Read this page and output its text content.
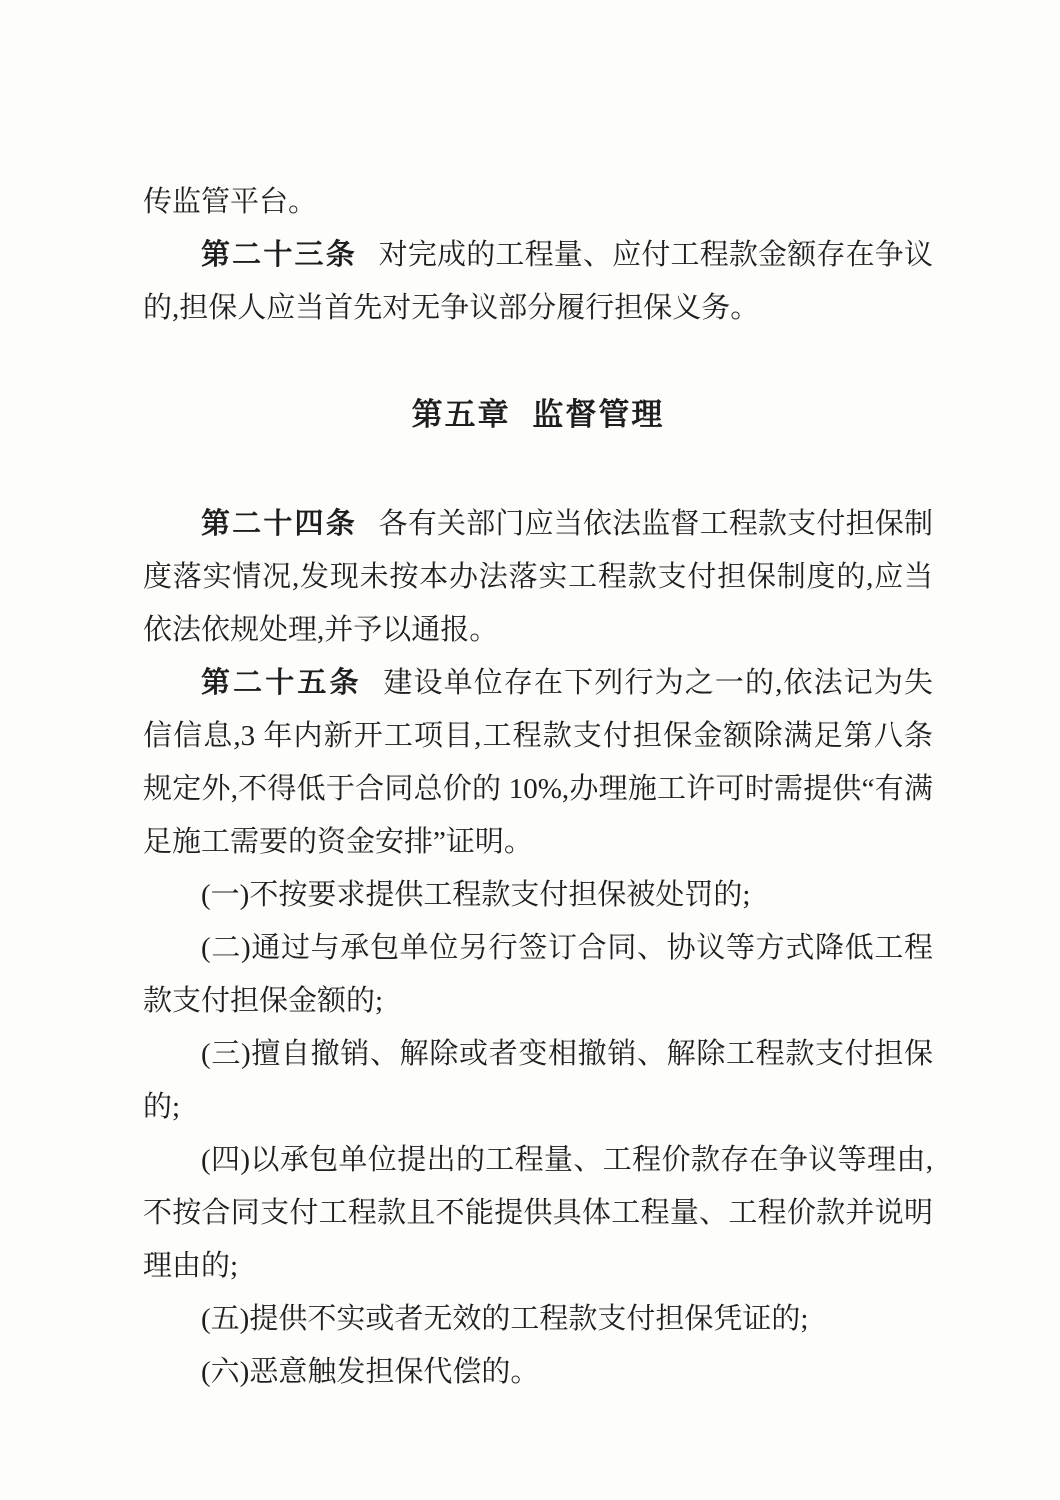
传监管平台。

第二十三条 对完成的工程量、应付工程款金额存在争议的,担保人应当首先对无争议部分履行担保义务。

第五章 监督管理

第二十四条 各有关部门应当依法监督工程款支付担保制度落实情况,发现未按本办法落实工程款支付担保制度的,应当依法依规处理,并予以通报。

第二十五条 建设单位存在下列行为之一的,依法记为失信信息,3 年内新开工项目,工程款支付担保金额除满足第八条规定外,不得低于合同总价的 10%,办理施工许可时需提供“有满足施工需要的资金安排”证明。

(一)不按要求提供工程款支付担保被处罚的;

(二)通过与承包单位另行签订合同、协议等方式降低工程款支付担保金额的;

(三)擅自撤销、解除或者变相撤销、解除工程款支付担保的;

(四)以承包单位提出的工程量、工程价款存在争议等理由,不按合同支付工程款且不能提供具体工程量、工程价款并说明理由的;

(五)提供不实或者无效的工程款支付担保凭证的;

(六)恶意触发担保代偿的。
